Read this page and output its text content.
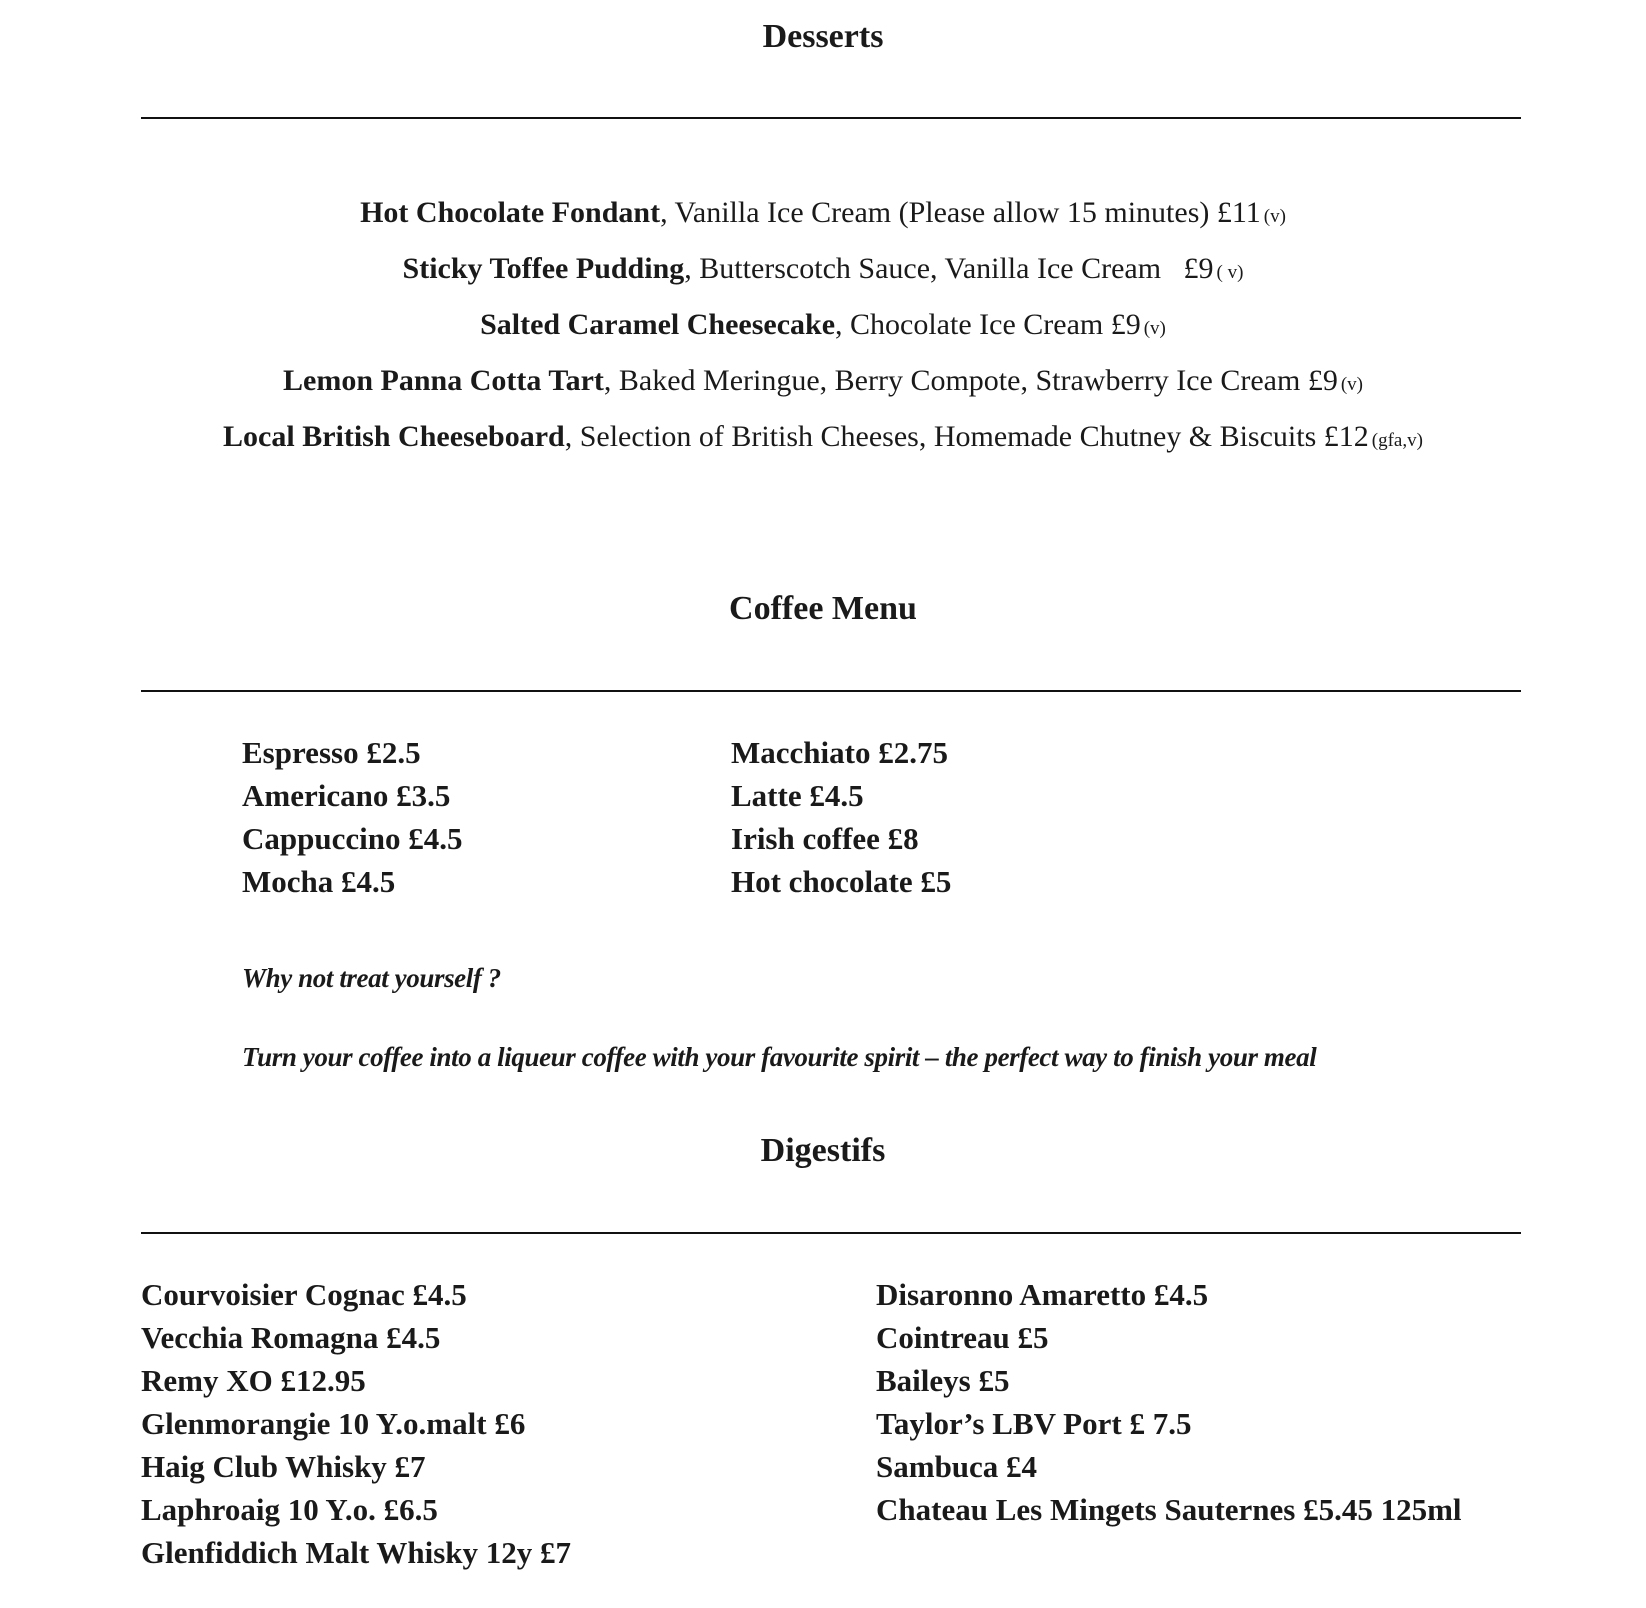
Desserts
Hot Chocolate Fondant, Vanilla Ice Cream (Please allow 15 minutes) £11 (v)
Sticky Toffee Pudding, Butterscotch Sauce, Vanilla Ice Cream   £9 ( v)
Salted Caramel Cheesecake, Chocolate Ice Cream £9 (v)
Lemon Panna Cotta Tart, Baked Meringue, Berry Compote, Strawberry Ice Cream £9 (v)
Local British Cheeseboard, Selection of British Cheeses, Homemade Chutney & Biscuits £12 (gfa,v)
Coffee Menu
Espresso £2.5
Americano £3.5
Cappuccino £4.5
Mocha £4.5
Macchiato £2.75
Latte £4.5
Irish coffee £8
Hot chocolate £5
Why not treat yourself ?
Turn your coffee into a liqueur coffee with your favourite spirit – the perfect way to finish your meal
Digestifs
Courvoisier Cognac £4.5
Vecchia Romagna £4.5
Remy XO £12.95
Glenmorangie 10 Y.o.malt £6
Haig Club Whisky £7
Laphroaig 10 Y.o. £6.5
Glenfiddich Malt Whisky 12y £7
Disaronno Amaretto £4.5
Cointreau £5
Baileys £5
Taylor’s LBV Port £ 7.5
Sambuca £4
Chateau Les Mingets Sauternes £5.45 125ml
